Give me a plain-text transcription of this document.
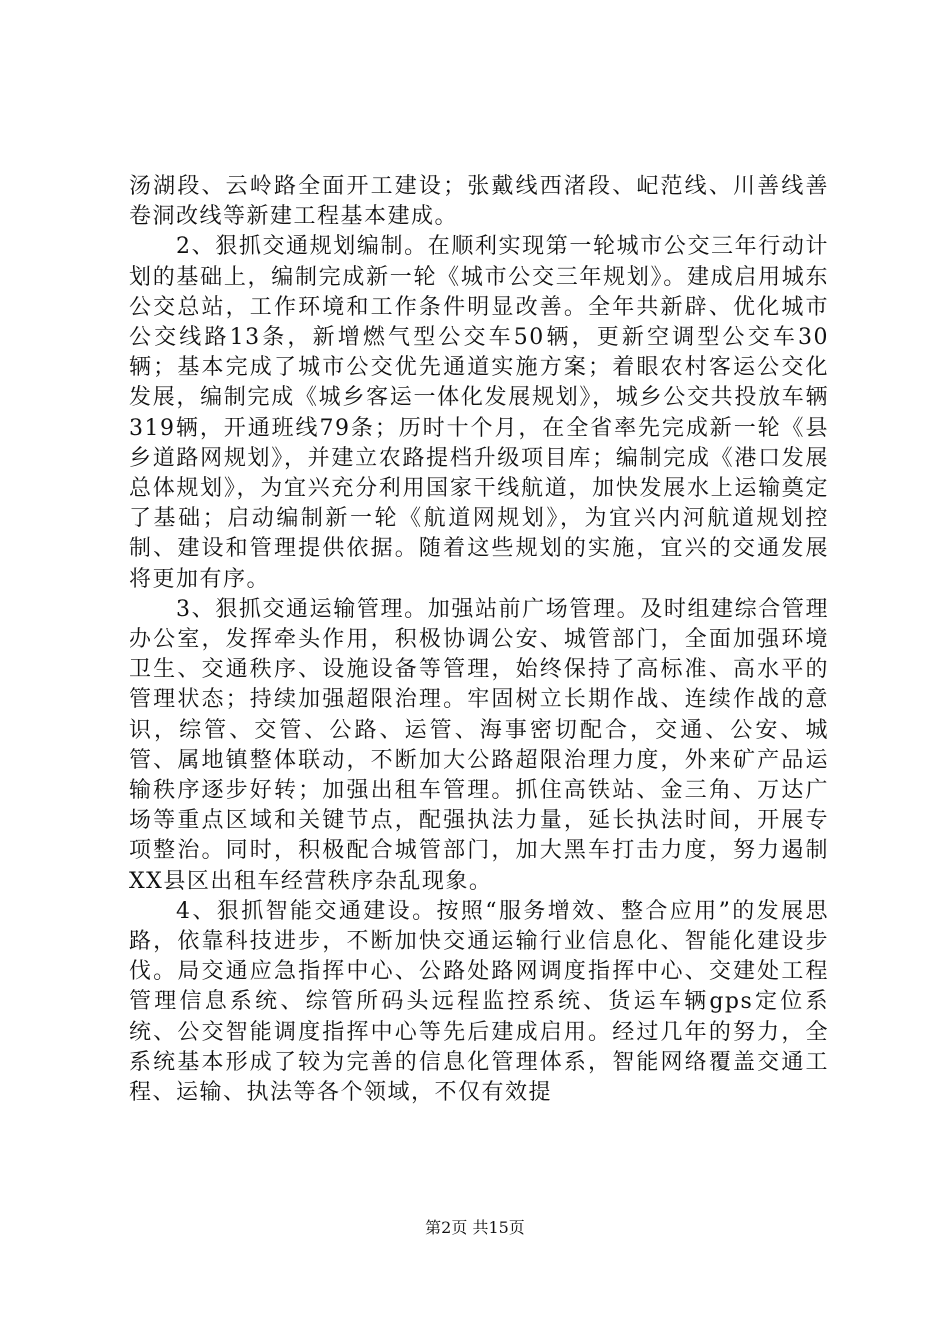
汤湖段、云岭路全面开工建设；张戴线西渚段、屺范线、川善线善卷洞改线等新建工程基本建成。

2、狠抓交通规划编制。在顺利实现第一轮城市公交三年行动计划的基础上，编制完成新一轮《城市公交三年规划》。建成启用城东公交总站，工作环境和工作条件明显改善。全年共新辟、优化城市公交线路13条，新增燃气型公交车50辆，更新空调型公交车30辆；基本完成了城市公交优先通道实施方案；着眼农村客运公交化发展，编制完成《城乡客运一体化发展规划》，城乡公交共投放车辆319辆，开通班线79条；历时十个月，在全省率先完成新一轮《县乡道路网规划》，并建立农路提档升级项目库；编制完成《港口发展总体规划》，为宜兴充分利用国家干线航道，加快发展水上运输奠定了基础；启动编制新一轮《航道网规划》，为宜兴内河航道规划控制、建设和管理提供依据。随着这些规划的实施，宜兴的交通发展将更加有序。

3、狠抓交通运输管理。加强站前广场管理。及时组建综合管理办公室，发挥牵头作用，积极协调公安、城管部门，全面加强环境卫生、交通秩序、设施设备等管理，始终保持了高标准、高水平的管理状态；持续加强超限治理。牢固树立长期作战、连续作战的意识，综管、交管、公路、运管、海事密切配合，交通、公安、城管、属地镇整体联动，不断加大公路超限治理力度，外来矿产品运输秩序逐步好转；加强出租车管理。抓住高铁站、金三角、万达广场等重点区域和关键节点，配强执法力量，延长执法时间，开展专项整治。同时，积极配合城管部门，加大黑车打击力度，努力遏制XX县区出租车经营秩序杂乱现象。

4、狠抓智能交通建设。按照“服务增效、整合应用”的发展思路，依靠科技进步，不断加快交通运输行业信息化、智能化建设步伐。局交通应急指挥中心、公路处路网调度指挥中心、交建处工程管理信息系统、综管所码头远程监控系统、货运车辆gps定位系统、公交智能调度指挥中心等先后建成启用。经过几年的努力，全系统基本形成了较为完善的信息化管理体系，智能网络覆盖交通工程、运输、执法等各个领域，不仅有效提

第2页 共15页
